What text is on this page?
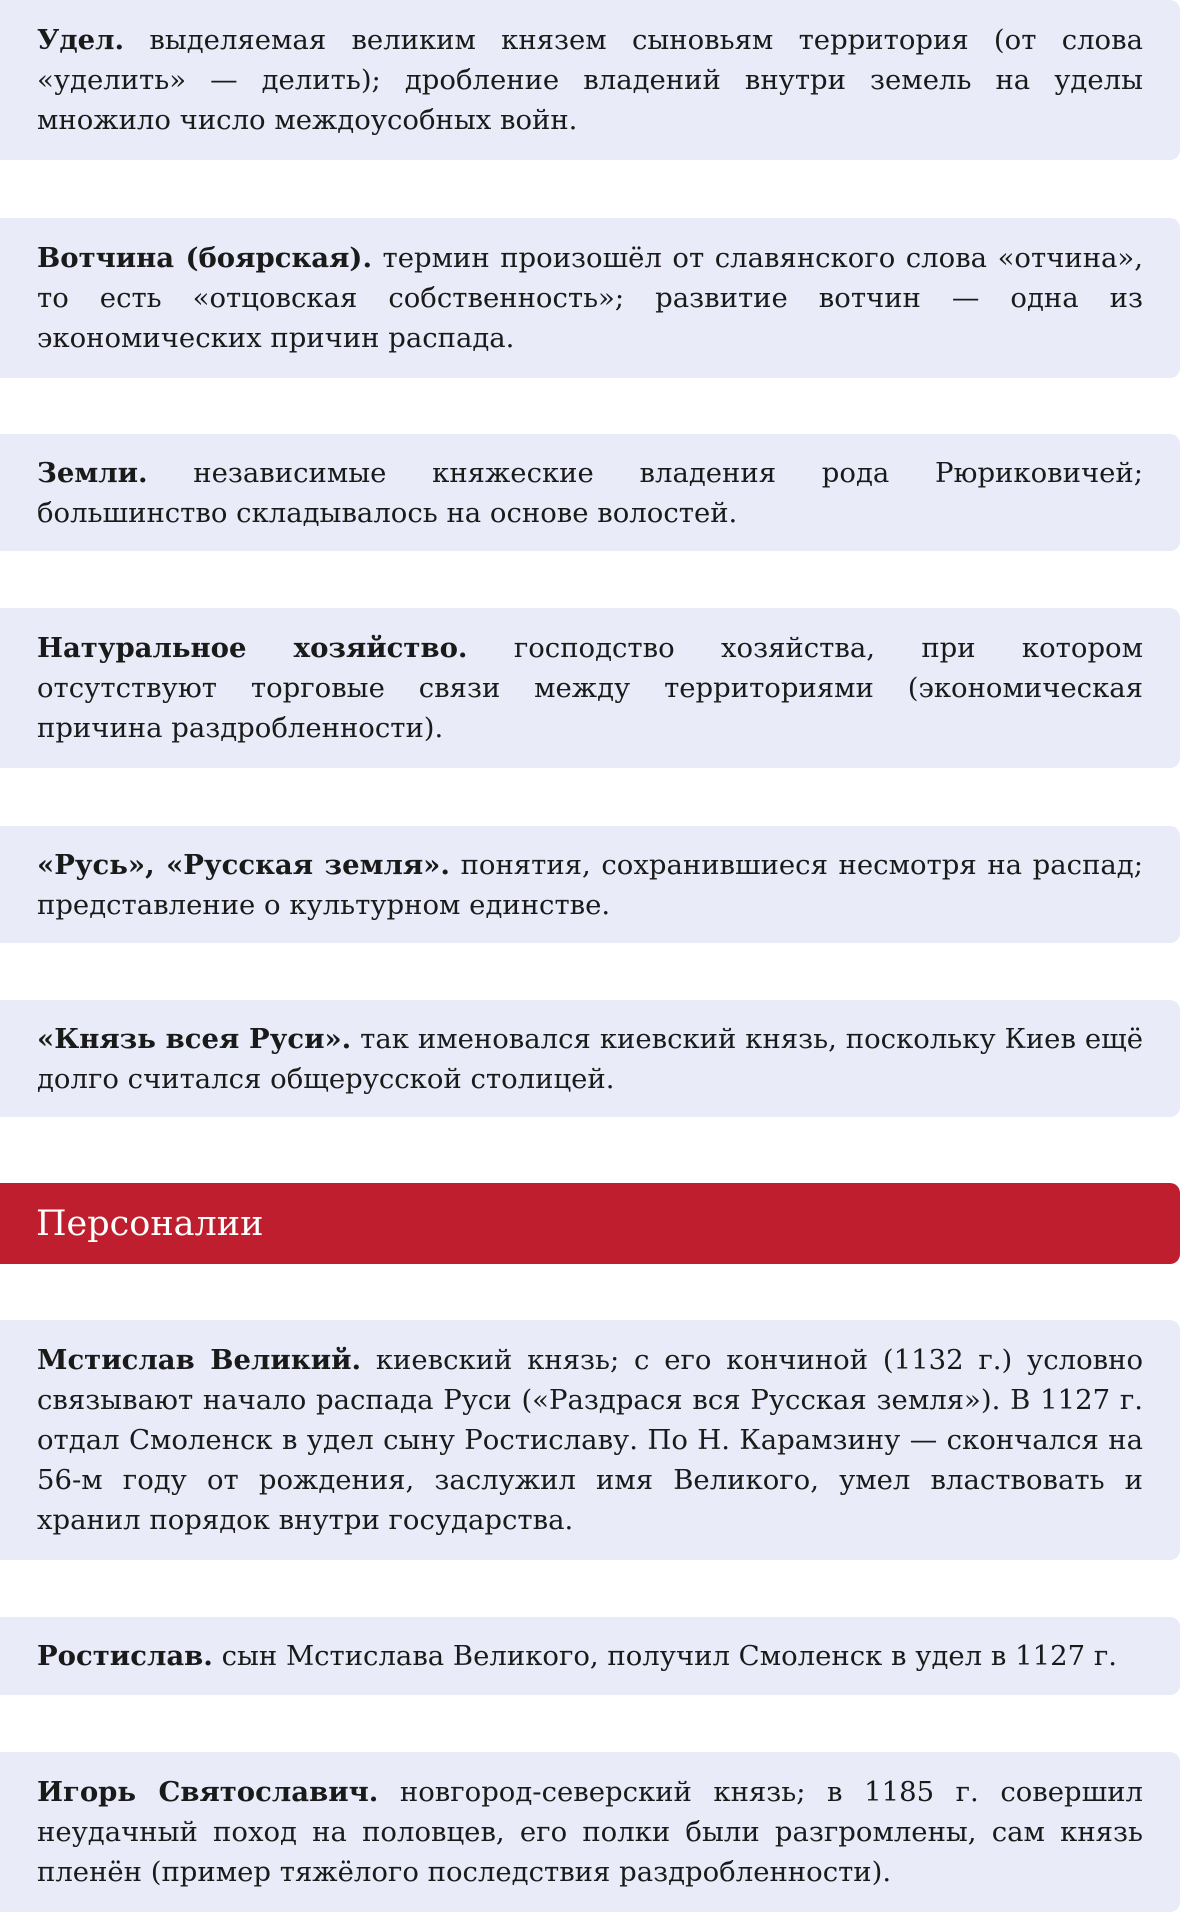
Удел. выделяемая великим князем сыновьям территория (от слова «уделить» — делить); дробление владений внутри земель на уделы множило число междоусобных войн.
Вотчина (боярская). термин произошёл от славянского слова «отчина», то есть «отцовская собственность»; развитие вотчин — одна из экономических причин распада.
Земли. независимые княжеские владения рода Рюриковичей; большинство складывалось на основе волостей.
Натуральное хозяйство. господство хозяйства, при котором отсутствуют торговые связи между территориями (экономическая причина раздробленности).
«Русь», «Русская земля». понятия, сохранившиеся несмотря на распад; представление о культурном единстве.
«Князь всея Руси». так именовался киевский князь, поскольку Киев ещё долго считался общерусской столицей.
Персоналии
Мстислав Великий. киевский князь; с его кончиной (1132 г.) условно связывают начало распада Руси («Раздрася вся Русская земля»). В 1127 г. отдал Смоленск в удел сыну Ростиславу. По Н. Карамзину — скончался на 56-м году от рождения, заслужил имя Великого, умел властвовать и хранил порядок внутри государства.
Ростислав. сын Мстислава Великого, получил Смоленск в удел в 1127 г.
Игорь Святославич. новгород-северский князь; в 1185 г. совершил неудачный поход на половцев, его полки были разгромлены, сам князь пленён (пример тяжёлого последствия раздробленности).
